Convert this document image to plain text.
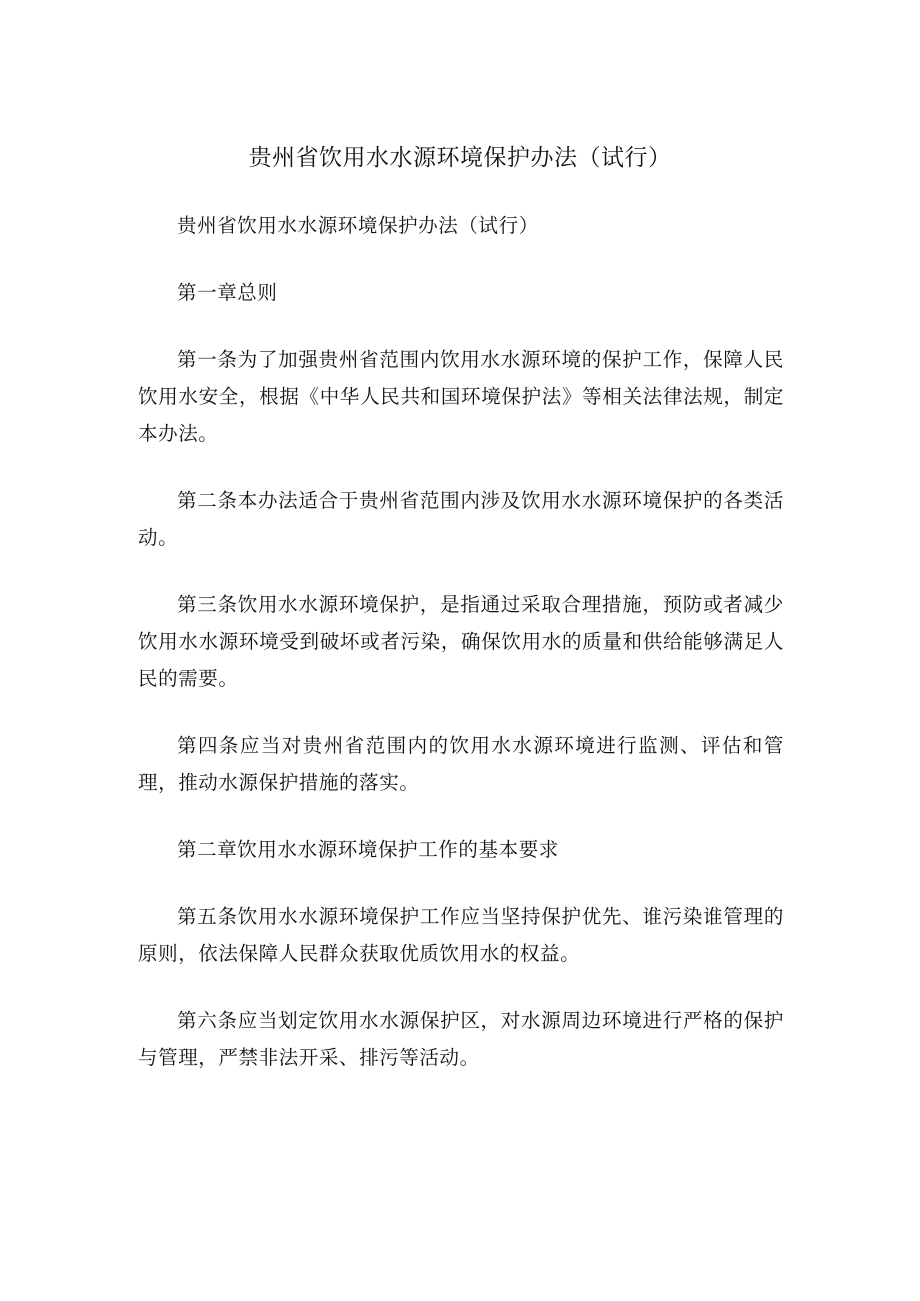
贵州省饮用水水源环境保护办法（试行）

贵州省饮用水水源环境保护办法（试行）

第一章总则

第一条为了加强贵州省范围内饮用水水源环境的保护工作，保障人民饮用水安全，根据《中华人民共和国环境保护法》等相关法律法规，制定本办法。

第二条本办法适合于贵州省范围内涉及饮用水水源环境保护的各类活动。

第三条饮用水水源环境保护，是指通过采取合理措施，预防或者减少饮用水水源环境受到破坏或者污染，确保饮用水的质量和供给能够满足人民的需要。

第四条应当对贵州省范围内的饮用水水源环境进行监测、评估和管理，推动水源保护措施的落实。

第二章饮用水水源环境保护工作的基本要求

第五条饮用水水源环境保护工作应当坚持保护优先、谁污染谁管理的原则，依法保障人民群众获取优质饮用水的权益。

第六条应当划定饮用水水源保护区，对水源周边环境进行严格的保护与管理，严禁非法开采、排污等活动。
